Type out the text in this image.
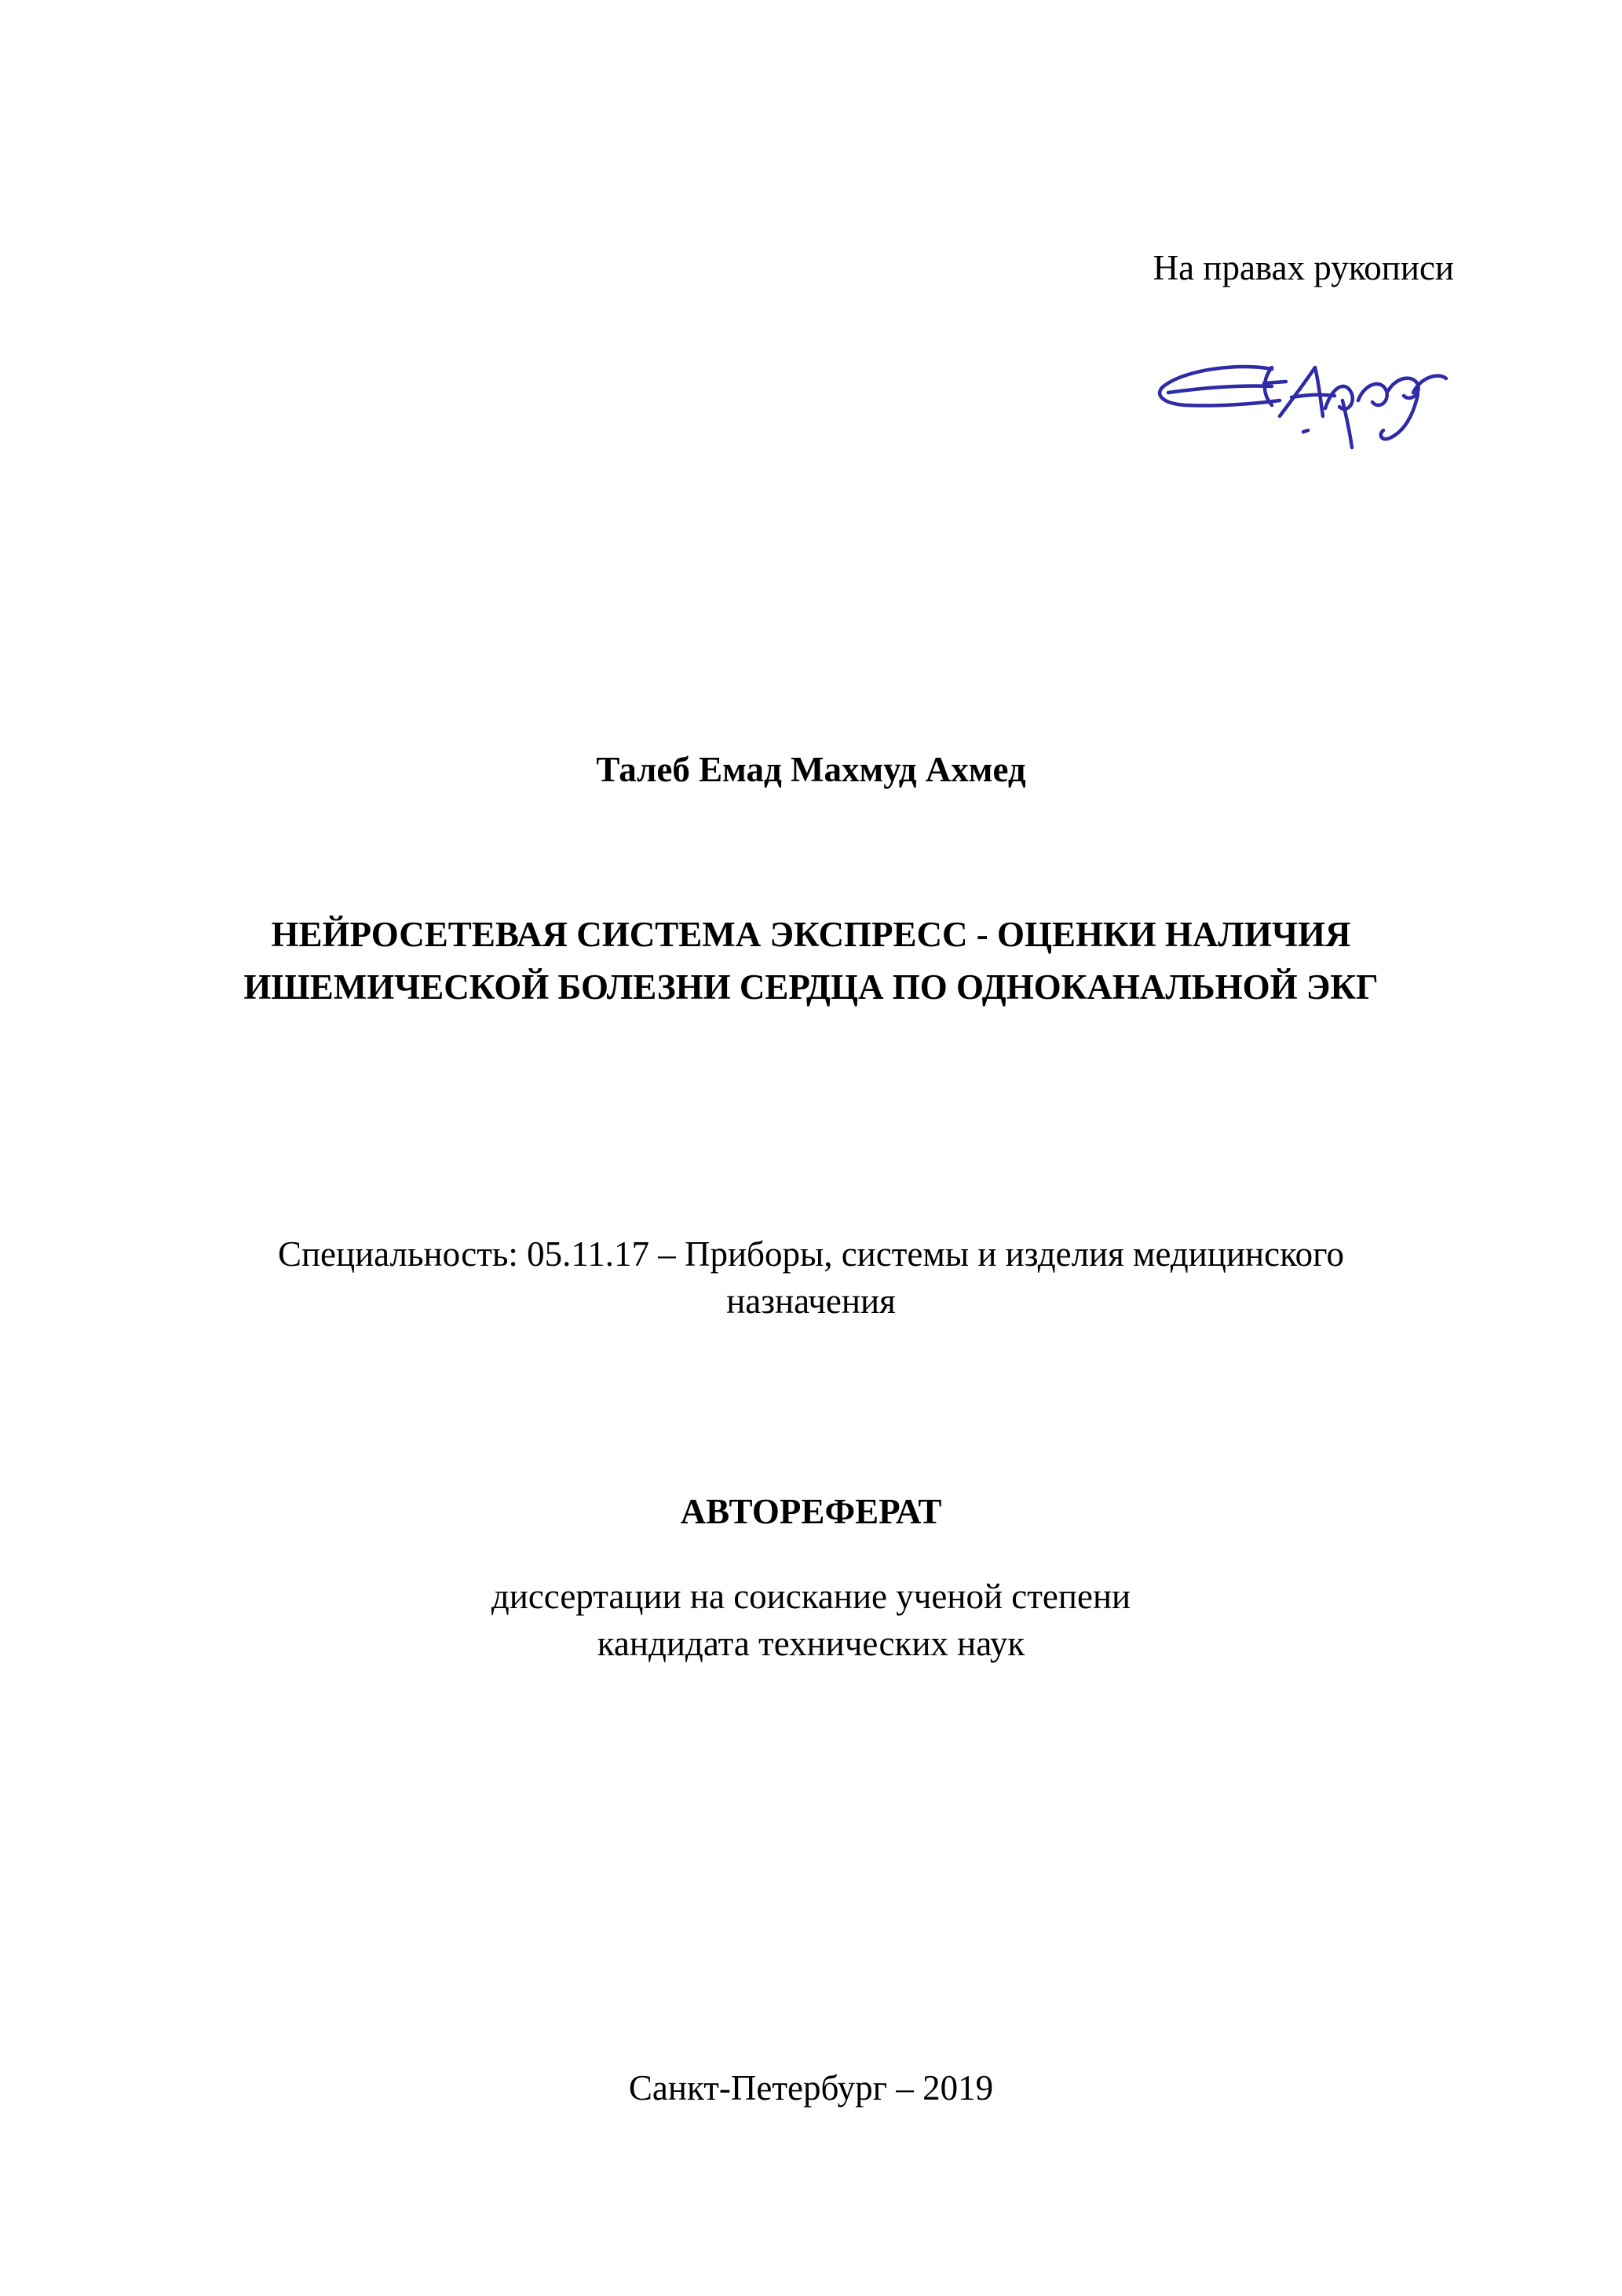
На правах рукописи

Талеб Емад Махмуд Ахмед

НЕЙРОСЕТЕВАЯ СИСТЕМА ЭКСПРЕСС - ОЦЕНКИ НАЛИЧИЯ

ИШЕМИЧЕСКОЙ БОЛЕЗНИ СЕРДЦА ПО ОДНОКАНАЛЬНОЙ ЭКГ

Специальность: 05.11.17 – Приборы, системы и изделия медицинского

назначения

АВТОРЕФЕРАТ

диссертации на соискание ученой степени

кандидата технических наук

Санкт-Петербург – 2019
